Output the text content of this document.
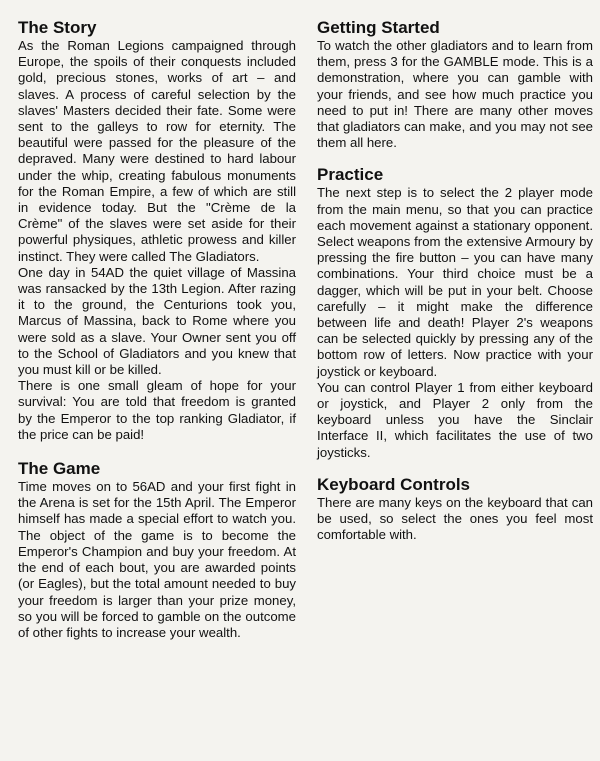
The Story

As the Roman Legions campaigned through Europe, the spoils of their conquests included gold, precious stones, works of art – and slaves. A process of careful selection by the slaves' Masters decided their fate. Some were sent to the galleys to row for eternity. The beautiful were passed for the pleasure of the depraved. Many were destined to hard labour under the whip, creating fabulous monuments for the Roman Empire, a few of which are still in evidence today. But the "Crème de la Crème" of the slaves were set aside for their powerful physiques, athletic prowess and killer instinct. They were called The Gladiators.

One day in 54AD the quiet village of Massina was ransacked by the 13th Legion. After razing it to the ground, the Centurions took you, Marcus of Massina, back to Rome where you were sold as a slave. Your Owner sent you off to the School of Gladiators and you knew that you must kill or be killed.

There is one small gleam of hope for your survival: You are told that freedom is granted by the Emperor to the top ranking Gladiator, if the price can be paid!

The Game

Time moves on to 56AD and your first fight in the Arena is set for the 15th April. The Emperor himself has made a special effort to watch you. The object of the game is to become the Emperor's Champion and buy your freedom. At the end of each bout, you are awarded points (or Eagles), but the total amount needed to buy your freedom is larger than your prize money, so you will be forced to gamble on the outcome of other fights to increase your wealth.

Getting Started

To watch the other gladiators and to learn from them, press 3 for the GAMBLE mode. This is a demonstration, where you can gamble with your friends, and see how much practice you need to put in! There are many other moves that gladiators can make, and you may not see them all here.

Practice

The next step is to select the 2 player mode from the main menu, so that you can practice each movement against a stationary opponent. Select weapons from the extensive Armoury by pressing the fire button – you can have many combinations. Your third choice must be a dagger, which will be put in your belt. Choose carefully – it might make the difference between life and death! Player 2's weapons can be selected quickly by pressing any of the bottom row of letters. Now practice with your joystick or keyboard.

You can control Player 1 from either keyboard or joystick, and Player 2 only from the keyboard unless you have the Sinclair Interface II, which facilitates the use of two joysticks.

Keyboard Controls

There are many keys on the keyboard that can be used, so select the ones you feel most comfortable with.
